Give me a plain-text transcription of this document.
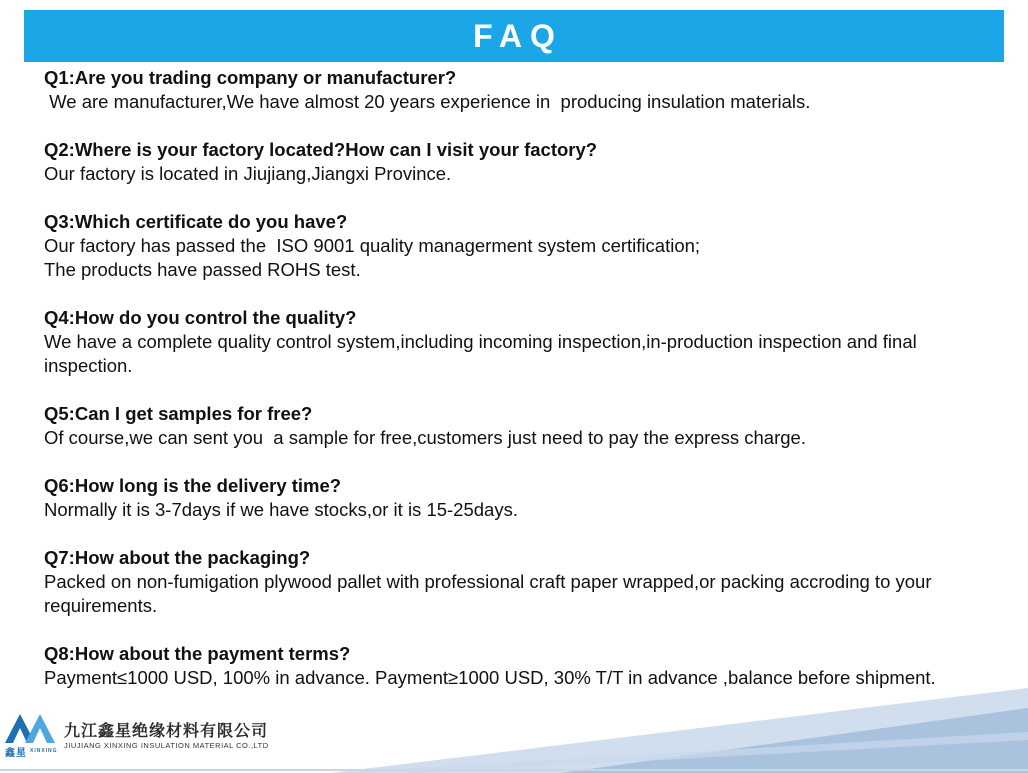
FAQ

Q1:Are you trading company or manufacturer?

We are manufacturer,We have almost 20 years experience in  producing insulation materials.

Q2:Where is your factory located?How can I visit your factory?

Our factory is located in Jiujiang,Jiangxi Province.

Q3:Which certificate do you have?

Our factory has passed the  ISO 9001 quality managerment system certification;

The products have passed ROHS test.

Q4:How do you control the quality?

We have a complete quality control system,including incoming inspection,in-production inspection and final

inspection.

Q5:Can I get samples for free?

Of course,we can sent you  a sample for free,customers just need to pay the express charge.

Q6:How long is the delivery time?

Normally it is 3-7days if we have stocks,or it is 15-25days.

Q7:How about the packaging?

Packed on non-fumigation plywood pallet with professional craft paper wrapped,or packing accroding to your

requirements.

Q8:How about the payment terms?

Payment≤1000 USD, 100% in advance. Payment≥1000 USD, 30% T/T in advance ,balance before shipment.

鑫星 XINXING
九江鑫星绝缘材料有限公司
JIUJIANG XINXING INSULATION MATERIAL CO.,LTD
